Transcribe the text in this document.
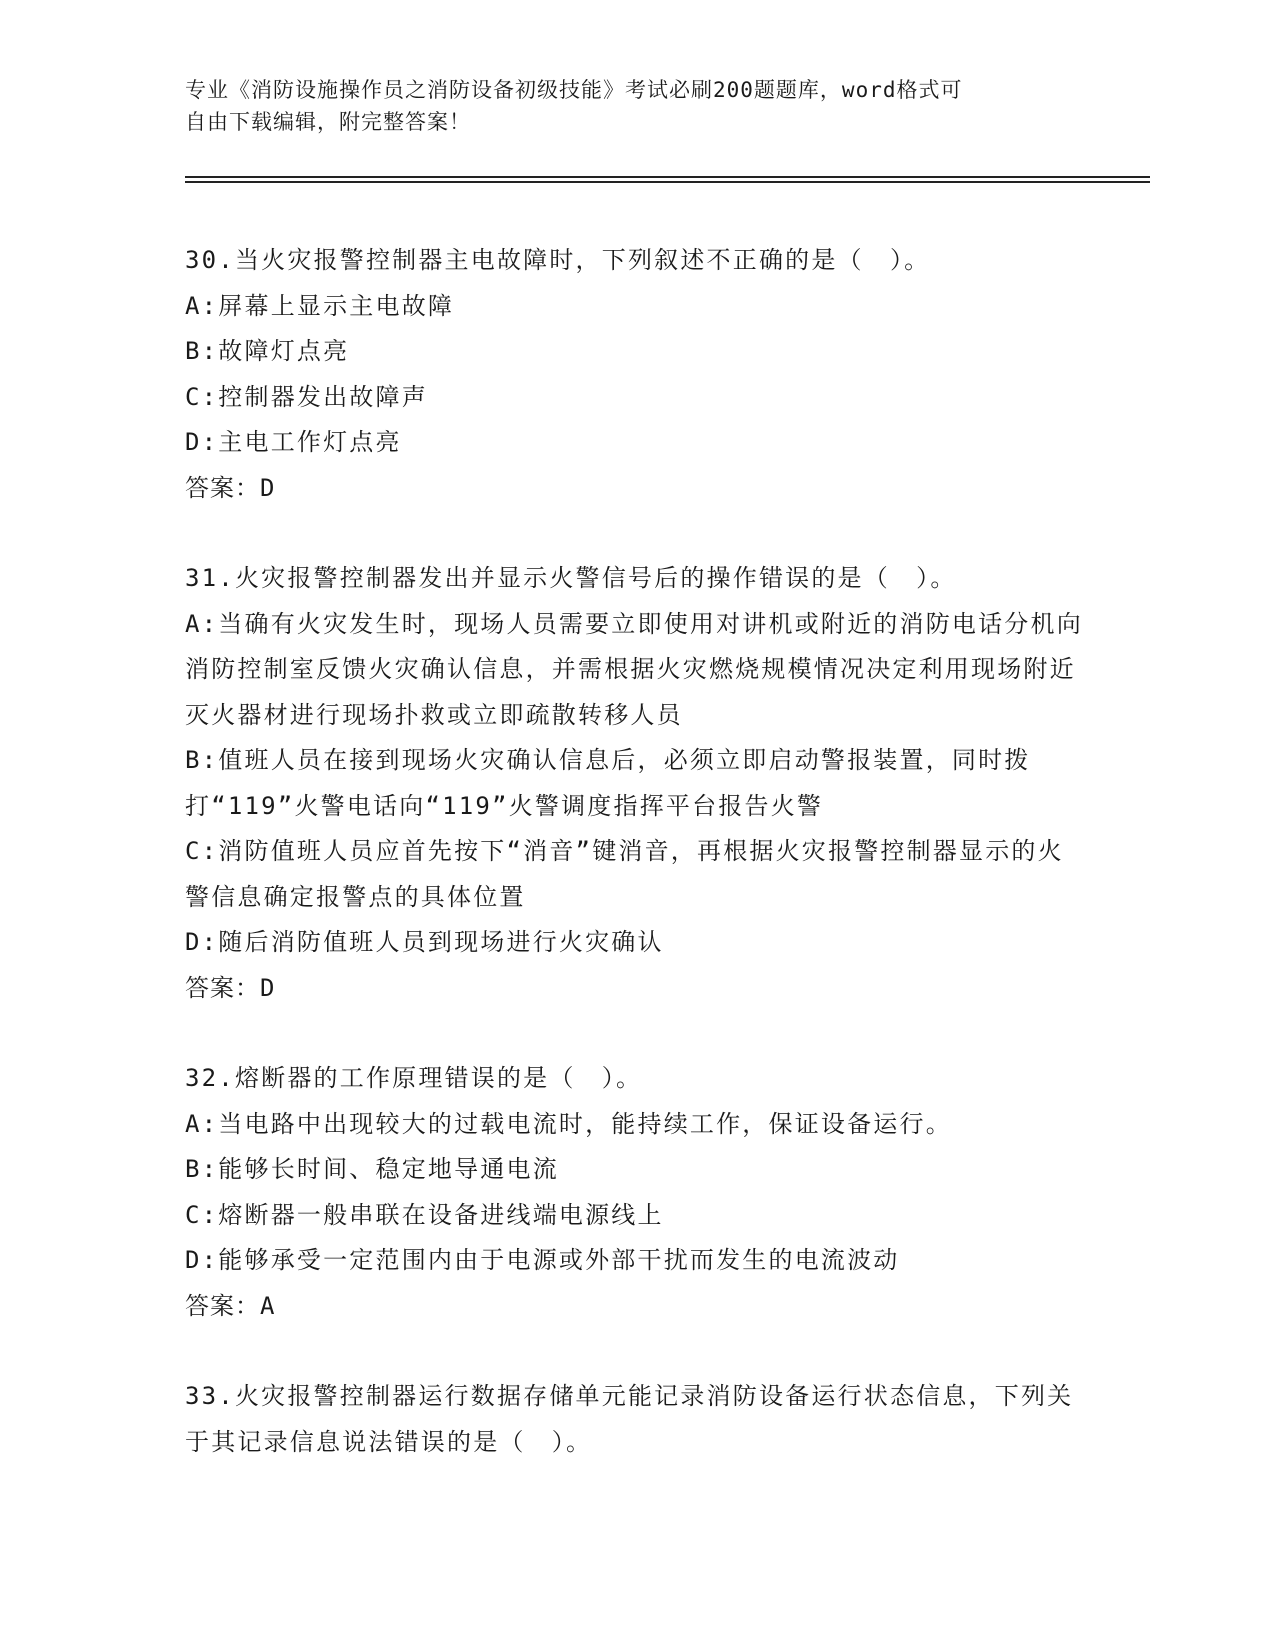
专业《消防设施操作员之消防设备初级技能》考试必刷200题题库，word格式可
自由下载编辑，附完整答案！
30.当火灾报警控制器主电故障时，下列叙述不正确的是（　）。
A:屏幕上显示主电故障
B:故障灯点亮
C:控制器发出故障声
D:主电工作灯点亮
答案：D
31.火灾报警控制器发出并显示火警信号后的操作错误的是（　）。
A:当确有火灾发生时，现场人员需要立即使用对讲机或附近的消防电话分机向消防控制室反馈火灾确认信息，并需根据火灾燃烧规模情况决定利用现场附近灭火器材进行现场扑救或立即疏散转移人员
B:值班人员在接到现场火灾确认信息后，必须立即启动警报装置，同时拨打“119”火警电话向“119”火警调度指挥平台报告火警
C:消防值班人员应首先按下“消音”键消音，再根据火灾报警控制器显示的火警信息确定报警点的具体位置
D:随后消防值班人员到现场进行火灾确认
答案：D
32.熔断器的工作原理错误的是（　）。
A:当电路中出现较大的过载电流时，能持续工作，保证设备运行。
B:能够长时间、稳定地导通电流
C:熔断器一般串联在设备进线端电源线上
D:能够承受一定范围内由于电源或外部干扰而发生的电流波动
答案：A
33.火灾报警控制器运行数据存储单元能记录消防设备运行状态信息，下列关于其记录信息说法错误的是（　）。
